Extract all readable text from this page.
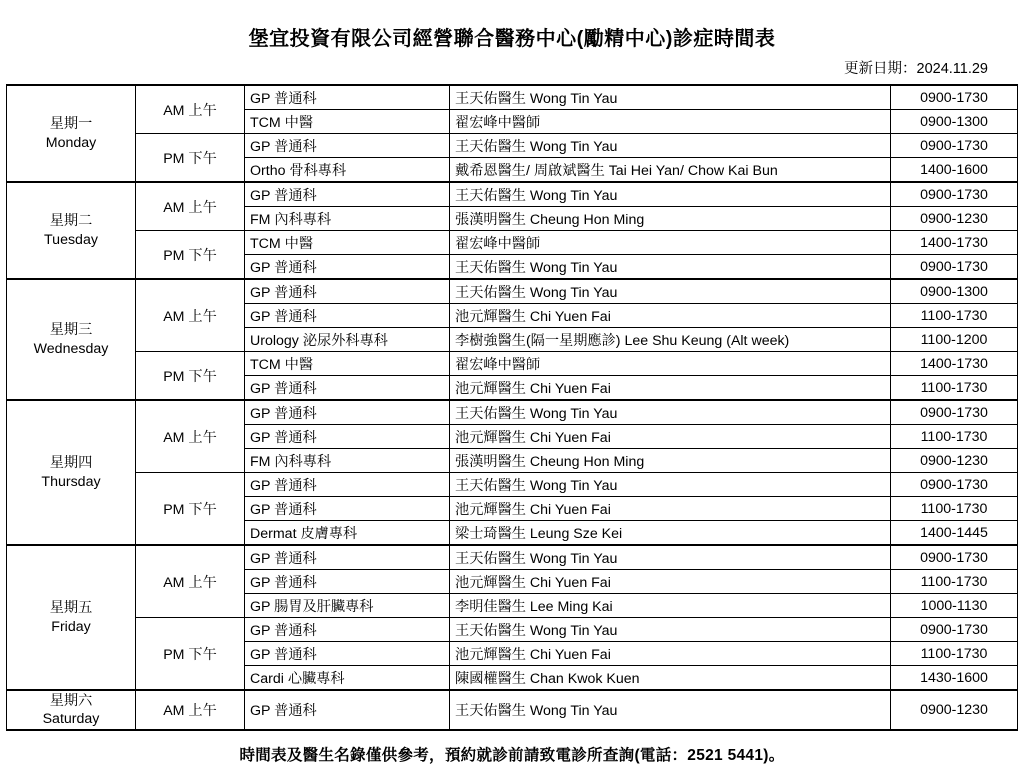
堡宜投資有限公司經營聯合醫務中心(勵精中心)診症時間表
更新日期：2024.11.29
星期一
Monday	AM 上午	GP 普通科	王天佑醫生 Wong Tin Yau	0900-1730
		TCM 中醫	翟宏峰中醫師	0900-1300
	PM 下午	GP 普通科	王天佑醫生 Wong Tin Yau	0900-1730
		Ortho 骨科專科	戴希恩醫生/ 周啟斌醫生 Tai Hei Yan/ Chow Kai Bun	1400-1600

星期二
Tuesday	AM 上午	GP 普通科	王天佑醫生 Wong Tin Yau	0900-1730
		FM 內科專科	張漢明醫生 Cheung Hon Ming	0900-1230
	PM 下午	TCM 中醫	翟宏峰中醫師	1400-1730
		GP 普通科	王天佑醫生 Wong Tin Yau	0900-1730

星期三
Wednesday	AM 上午	GP 普通科	王天佑醫生 Wong Tin Yau	0900-1300
		GP 普通科	池元輝醫生 Chi Yuen Fai	1100-1730
		Urology 泌尿外科專科	李樹強醫生(隔一星期應診) Lee Shu Keung (Alt week)	1100-1200
	PM 下午	TCM 中醫	翟宏峰中醫師	1400-1730
		GP 普通科	池元輝醫生 Chi Yuen Fai	1100-1730

星期四
Thursday	AM 上午	GP 普通科	王天佑醫生 Wong Tin Yau	0900-1730
		GP 普通科	池元輝醫生 Chi Yuen Fai	1100-1730
		FM 內科專科	張漢明醫生 Cheung Hon Ming	0900-1230
	PM 下午	GP 普通科	王天佑醫生 Wong Tin Yau	0900-1730
		GP 普通科	池元輝醫生 Chi Yuen Fai	1100-1730
		Dermat 皮膚專科	梁士琦醫生 Leung Sze Kei	1400-1445

星期五
Friday	AM 上午	GP 普通科	王天佑醫生 Wong Tin Yau	0900-1730
		GP 普通科	池元輝醫生 Chi Yuen Fai	1100-1730
		GP 腸胃及肝臟專科	李明佳醫生 Lee Ming Kai	1000-1130
	PM 下午	GP 普通科	王天佑醫生 Wong Tin Yau	0900-1730
		GP 普通科	池元輝醫生 Chi Yuen Fai	1100-1730
		Cardi 心臟專科	陳國權醫生 Chan Kwok Kuen	1430-1600

星期六
Saturday	AM 上午	GP 普通科	王天佑醫生 Wong Tin Yau	0900-1230
時間表及醫生名錄僅供參考，預約就診前請致電診所查詢(電話：2521 5441)。
